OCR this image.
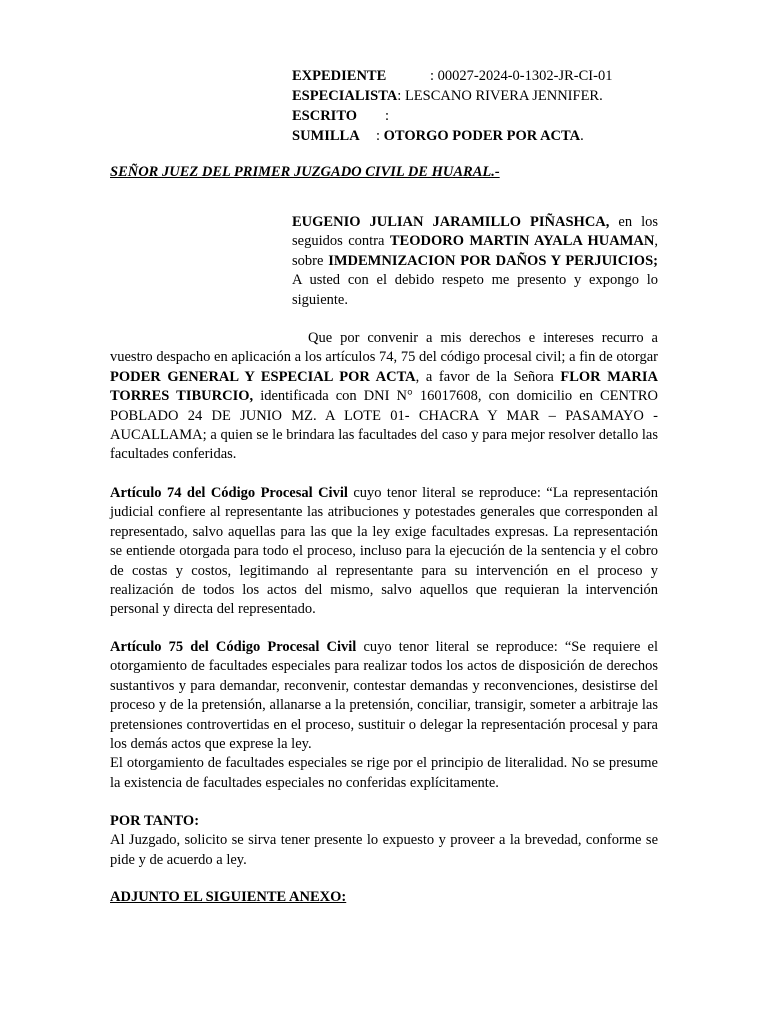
EXPEDIENTE	: 00027-2024-0-1302-JR-CI-01
ESPECIALISTA : LESCANO RIVERA JENNIFER.
ESCRITO	:
SUMILLA	: OTORGO PODER POR ACTA .
SEÑOR JUEZ DEL PRIMER JUZGADO CIVIL DE HUARAL.-

EUGENIO JULIAN JARAMILLO PIÑASHCA, en los seguidos contra TEODORO MARTIN AYALA HUAMAN, sobre IMDEMNIZACION POR DAÑOS Y PERJUICIOS; A usted con el debido respeto me presento y expongo lo siguiente.

Que por convenir a mis derechos e intereses recurro a vuestro despacho en aplicación a los artículos 74, 75 del código procesal civil; a fin de otorgar PODER GENERAL Y ESPECIAL POR ACTA, a favor de la Señora FLOR MARIA TORRES TIBURCIO, identificada con DNI N° 16017608, con domicilio en CENTRO POBLADO 24 DE JUNIO MZ. A LOTE 01- CHACRA Y MAR – PASAMAYO - AUCALLAMA; a quien se le brindara las facultades del caso y para mejor resolver detallo las facultades conferidas.

Artículo 74 del Código Procesal Civil cuyo tenor literal se reproduce: “La representación judicial confiere al representante las atribuciones y potestades generales que corresponden al representado, salvo aquellas para las que la ley exige facultades expresas. La representación se entiende otorgada para todo el proceso, incluso para la ejecución de la sentencia y el cobro de costas y costos, legitimando al representante para su intervención en el proceso y realización de todos los actos del mismo, salvo aquellos que requieran la intervención personal y directa del representado.

Artículo 75 del Código Procesal Civil cuyo tenor literal se reproduce: “Se requiere el otorgamiento de facultades especiales para realizar todos los actos de disposición de derechos sustantivos y para demandar, reconvenir, contestar demandas y reconvenciones, desistirse del proceso y de la pretensión, allanarse a la pretensión, conciliar, transigir, someter a arbitraje las pretensiones controvertidas en el proceso, sustituir o delegar la representación procesal y para los demás actos que exprese la ley.

El otorgamiento de facultades especiales se rige por el principio de literalidad. No se presume la existencia de facultades especiales no conferidas explícitamente.

POR TANTO:

Al Juzgado, solicito se sirva tener presente lo expuesto y proveer a la brevedad, conforme se pide y de acuerdo a ley.

ADJUNTO EL SIGUIENTE ANEXO:
